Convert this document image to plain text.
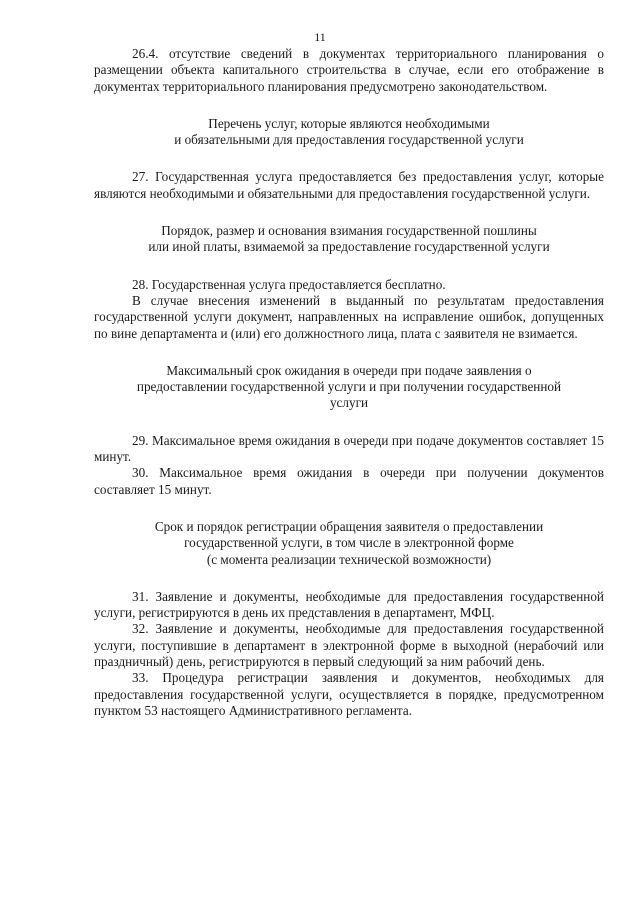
11

26.4. отсутствие сведений в документах территориального планирования о размещении объекта капитального строительства в случае, если его отображение в документах территориального планирования предусмотрено законодательством.

Перечень услуг, которые являются необходимыми
и обязательными для предоставления государственной услуги

27. Государственная услуга предоставляется без предоставления услуг, которые являются необходимыми и обязательными для предоставления государственной услуги.

Порядок, размер и основания взимания государственной пошлины
или иной платы, взимаемой за предоставление государственной услуги

28. Государственная услуга предоставляется бесплатно.

В случае внесения изменений в выданный по результатам предоставления государственной услуги документ, направленных на исправление ошибок, допущенных по вине департамента и (или) его должностного лица, плата с заявителя не взимается.

Максимальный срок ожидания в очереди при подаче заявления о
предоставлении государственной услуги и при получении государственной
услуги

29. Максимальное время ожидания в очереди при подаче документов составляет 15 минут.

30. Максимальное время ожидания в очереди при получении документов составляет 15 минут.

Срок и порядок регистрации обращения заявителя о предоставлении
государственной услуги, в том числе в электронной форме
(с момента реализации технической возможности)

31. Заявление и документы, необходимые для предоставления государственной услуги, регистрируются в день их представления в департамент, МФЦ.

32. Заявление и документы, необходимые для предоставления государственной услуги, поступившие в департамент в электронной форме в выходной (нерабочий или праздничный) день, регистрируются в первый следующий за ним рабочий день.

33. Процедура регистрации заявления и документов, необходимых для предоставления государственной услуги, осуществляется в порядке, предусмотренном пунктом 53 настоящего Административного регламента.
